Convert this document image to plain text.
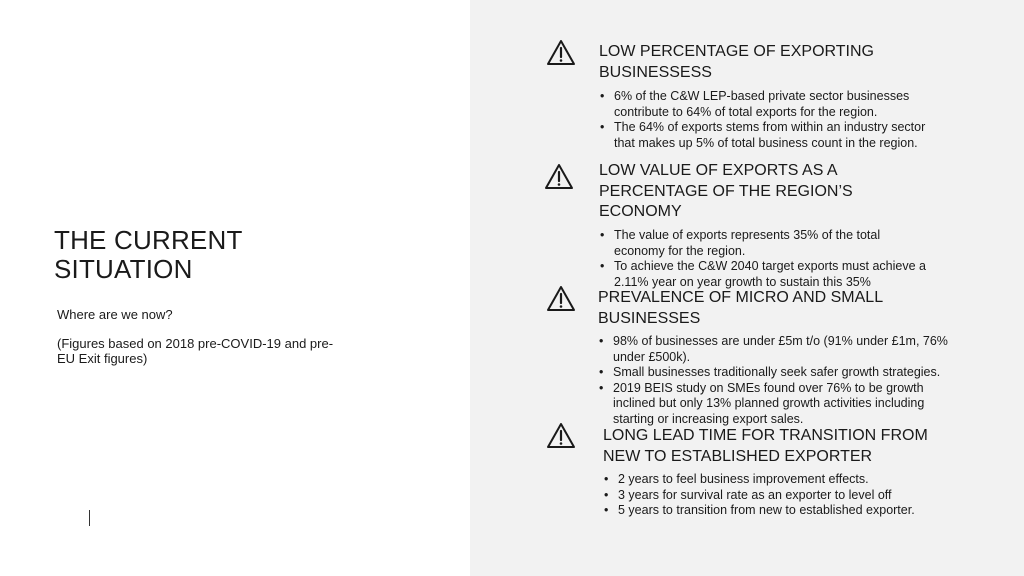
THE CURRENT SITUATION

Where are we now?

(Figures based on 2018 pre-COVID-19 and pre-EU Exit figures)

LOW PERCENTAGE OF EXPORTING BUSINESSESS
• 6% of the C&W LEP-based private sector businesses contribute to 64% of total exports for the region.
• The 64% of exports stems from within an industry sector that makes up 5% of total business count in the region.
LOW VALUE OF EXPORTS AS A PERCENTAGE OF THE REGION’S ECONOMY
• The value of exports represents 35% of the total economy for the region.
• To achieve the C&W 2040 target exports must achieve a 2.11% year on year growth to sustain this 35%
PREVALENCE OF MICRO AND SMALL BUSINESSES
• 98% of businesses are under £5m t/o (91% under £1m, 76% under £500k).
• Small businesses traditionally seek safer growth strategies.
• 2019 BEIS study on SMEs found over 76% to be growth inclined but only 13% planned growth activities including starting or increasing export sales.
LONG LEAD TIME FOR TRANSITION FROM NEW TO ESTABLISHED EXPORTER
• 2 years to feel business improvement effects.
• 3 years for survival rate as an exporter to level off
• 5 years to transition from new to established exporter.
